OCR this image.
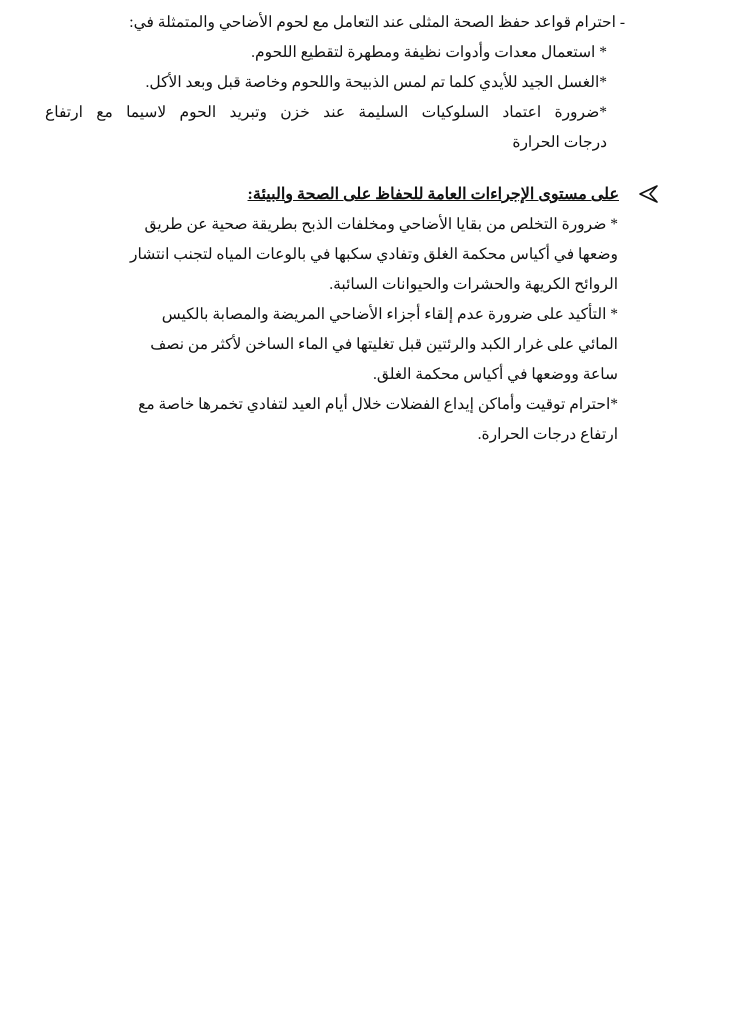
- احترام قواعد حفظ الصحة المثلى عند التعامل مع لحوم الأضاحي والمتمثلة في:
* استعمال معدات وأدوات نظيفة ومطهرة لتقطيع اللحوم.
*الغسل الجيد للأيدي كلما تم لمس الذبيحة واللحوم وخاصة قبل وبعد الأكل.
*ضرورة اعتماد السلوكيات السليمة عند خزن وتبريد الحوم لاسيما مع ارتفاع
درجات الحرارة
على مستوى الإجراءات العامة للحفاظ على الصحة والبيئة:
* ضرورة التخلص من بقايا الأضاحي ومخلفات الذبح بطريقة صحية عن طريق
وضعها في أكياس محكمة الغلق وتفادي سكبها في بالوعات المياه لتجنب انتشار
الروائح الكريهة والحشرات والحيوانات السائبة.
* التأكيد على ضرورة عدم إلقاء أجزاء الأضاحي المريضة والمصابة بالكيس
المائي على غرار الكبد والرئتين قبل تغليتها في الماء الساخن لأكثر من نصف
ساعة ووضعها في أكياس محكمة الغلق.
*احترام توقيت وأماكن إيداع الفضلات خلال أيام العيد لتفادي تخمرها خاصة مع
ارتفاع درجات الحرارة.
